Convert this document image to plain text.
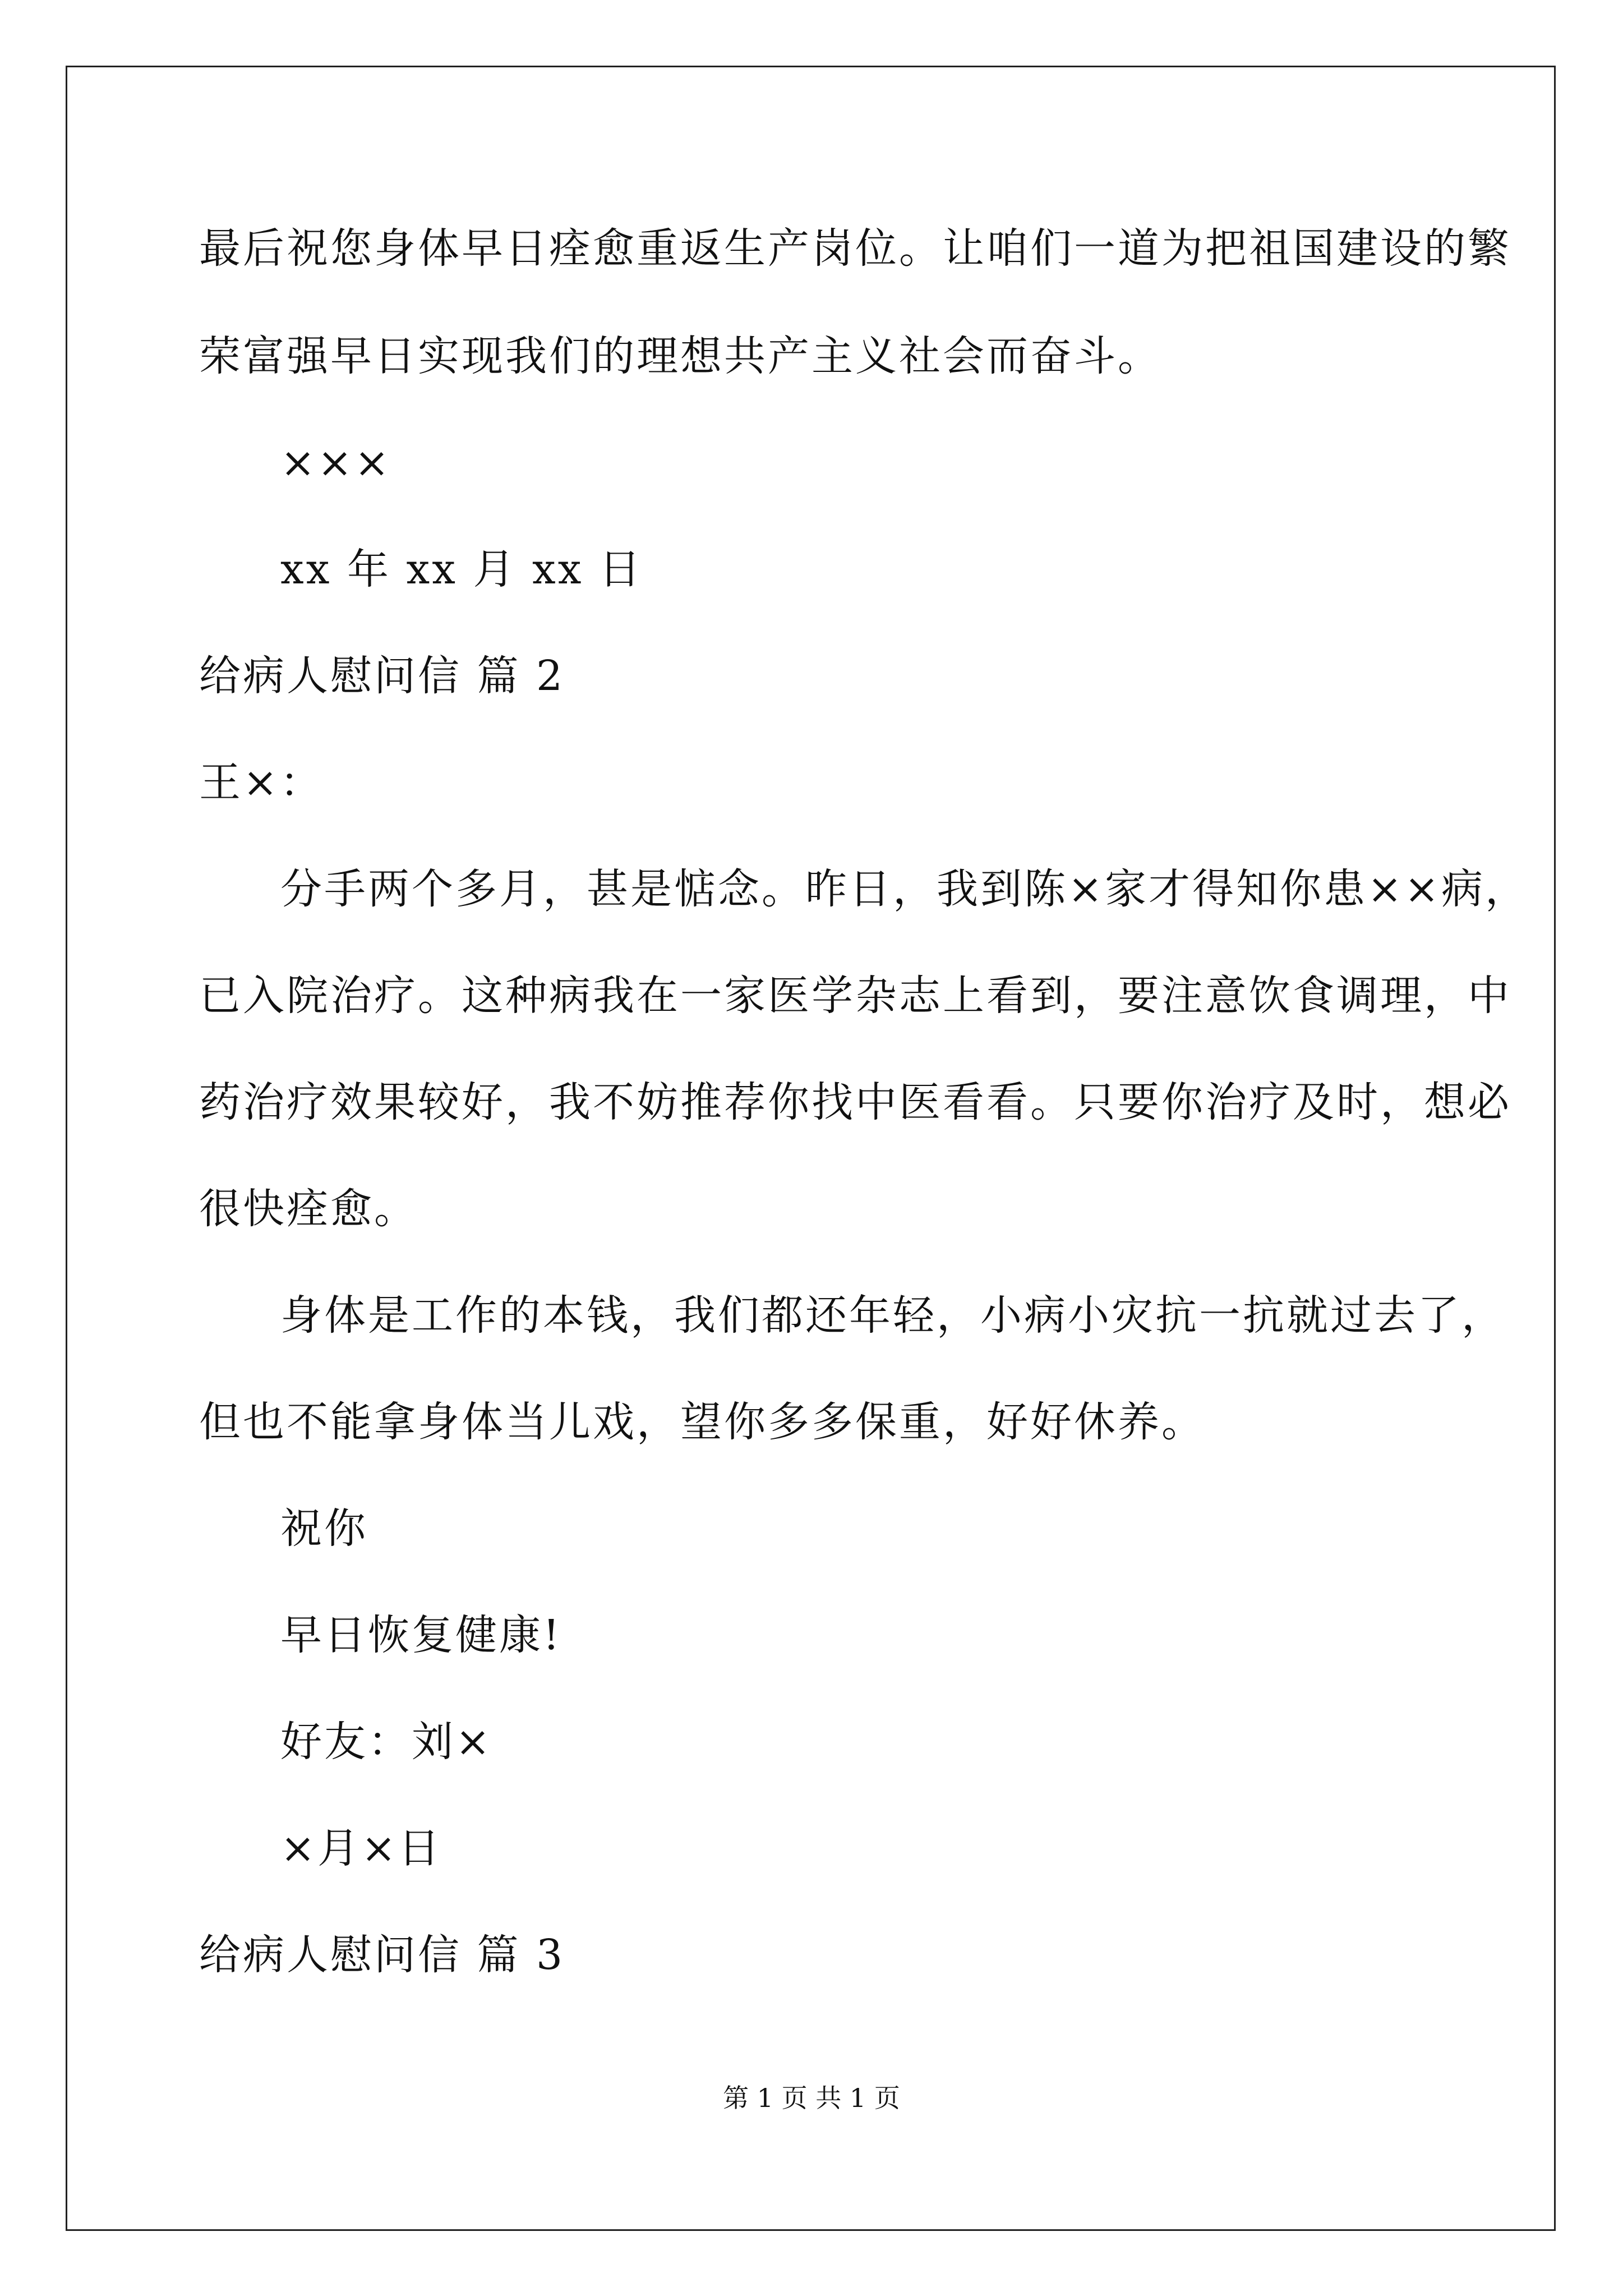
最后祝您身体早日痊愈重返生产岗位。让咱们一道为把祖国建设的繁
荣富强早日实现我们的理想共产主义社会而奋斗。
×××
xx 年 xx 月 xx 日
给病人慰问信 篇 2
王×：
分手两个多月，甚是惦念。昨日，我到陈×家才得知你患××病，
已入院治疗。这种病我在一家医学杂志上看到，要注意饮食调理，中
药治疗效果较好，我不妨推荐你找中医看看。只要你治疗及时，想必
很快痊愈。
身体是工作的本钱，我们都还年轻，小病小灾抗一抗就过去了，
但也不能拿身体当儿戏，望你多多保重，好好休养。
祝你
早日恢复健康!
好友：刘×
×月×日
给病人慰问信 篇 3
第 1 页 共 1 页
